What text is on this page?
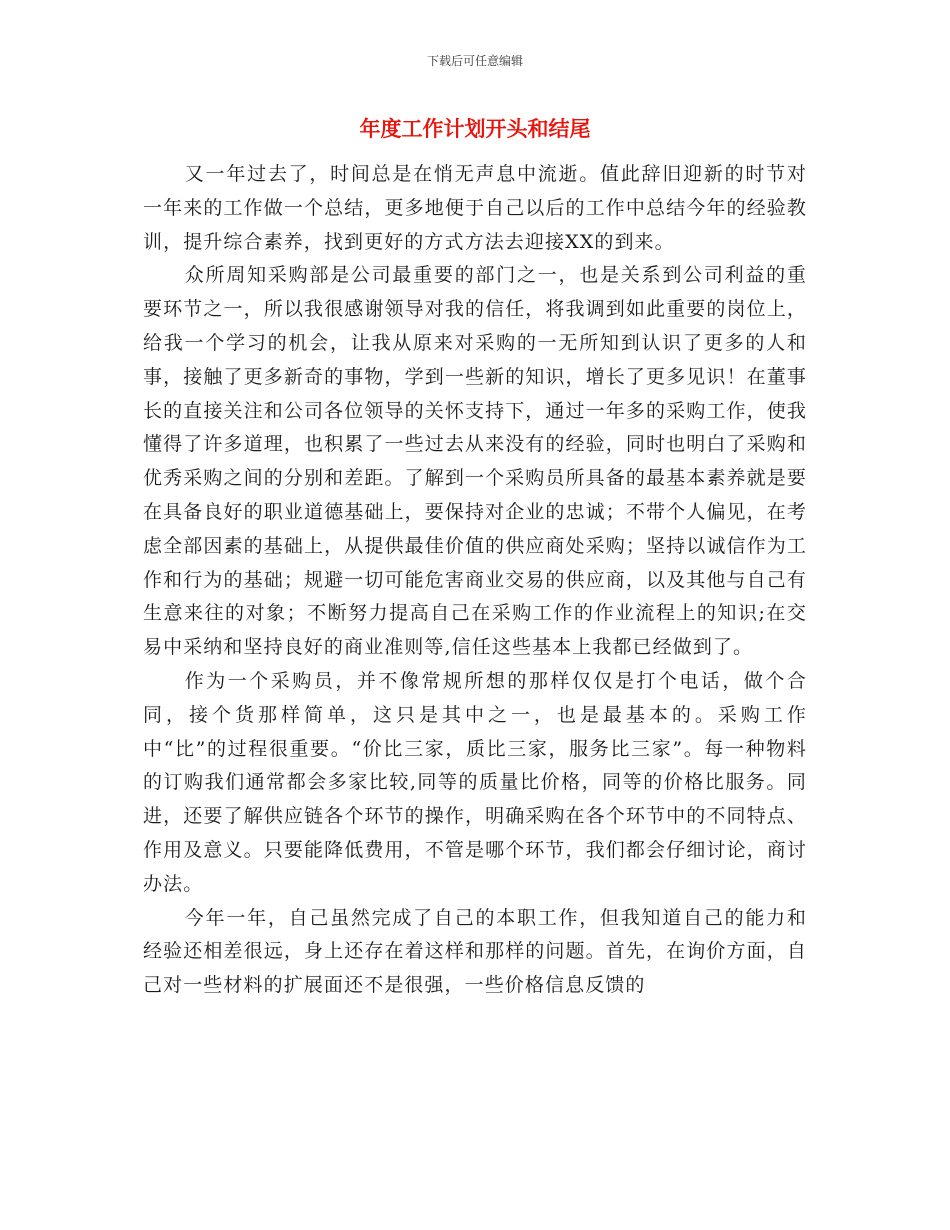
下载后可任意编辑
年度工作计划开头和结尾

又一年过去了，时间总是在悄无声息中流逝。值此辞旧迎新的时节对一年来的工作做一个总结，更多地便于自己以后的工作中总结今年的经验教训，提升综合素养，找到更好的方式方法去迎接XX的到来。

众所周知采购部是公司最重要的部门之一，也是关系到公司利益的重要环节之一，所以我很感谢领导对我的信任，将我调到如此重要的岗位上，给我一个学习的机会，让我从原来对采购的一无所知到认识了更多的人和事，接触了更多新奇的事物，学到一些新的知识，增长了更多见识！在董事长的直接关注和公司各位领导的关怀支持下，通过一年多的采购工作，使我懂得了许多道理，也积累了一些过去从来没有的经验，同时也明白了采购和优秀采购之间的分别和差距。了解到一个采购员所具备的最基本素养就是要在具备良好的职业道德基础上，要保持对企业的忠诚；不带个人偏见，在考虑全部因素的基础上，从提供最佳价值的供应商处采购；坚持以诚信作为工作和行为的基础；规避一切可能危害商业交易的供应商，以及其他与自己有生意来往的对象；不断努力提高自己在采购工作的作业流程上的知识;在交易中采纳和坚持良好的商业准则等,信任这些基本上我都已经做到了。

作为一个采购员，并不像常规所想的那样仅仅是打个电话，做个合同，接个货那样简单，这只是其中之一，也是最基本的。采购工作中“比”的过程很重要。“价比三家，质比三家，服务比三家”。每一种物料的订购我们通常都会多家比较,同等的质量比价格，同等的价格比服务。同进，还要了解供应链各个环节的操作，明确采购在各个环节中的不同特点、作用及意义。只要能降低费用，不管是哪个环节，我们都会仔细讨论，商讨办法。

今年一年，自己虽然完成了自己的本职工作，但我知道自己的能力和经验还相差很远，身上还存在着这样和那样的问题。首先，在询价方面，自己对一些材料的扩展面还不是很强，一些价格信息反馈的
